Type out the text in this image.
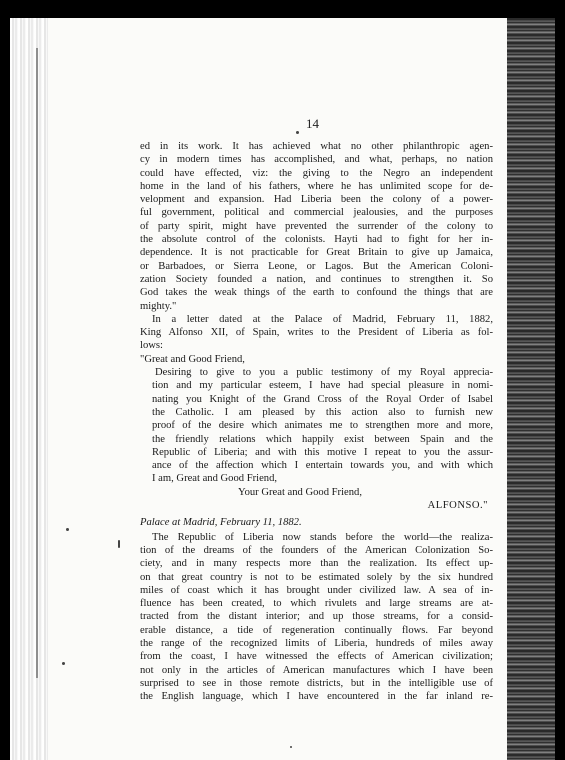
14
ed in its work. It has achieved what no other philanthropic agen-
cy in modern times has accomplished, and what, perhaps, no nation
could have effected, viz: the giving to the Negro an independent
home in the land of his fathers, where he has unlimited scope for de-
velopment and expansion. Had Liberia been the colony of a power-
ful government, political and commercial jealousies, and the purposes
of party spirit, might have prevented the surrender of the colony to
the absolute control of the colonists. Hayti had to fight for her in-
dependence. It is not practicable for Great Britain to give up Jamaica,
or Barbadoes, or Sierra Leone, or Lagos. But the American Coloni-
zation Society founded a nation, and continues to strengthen it. So
God takes the weak things of the earth to confound the things that are
mighty."
In a letter dated at the Palace of Madrid, February 11, 1882,
King Alfonso XII, of Spain, writes to the President of Liberia as fol-
lows:
"Great and Good Friend,
Desiring to give to you a public testimony of my Royal apprecia-
tion and my particular esteem, I have had special pleasure in nomi-
nating you Knight of the Grand Cross of the Royal Order of Isabel
the Catholic. I am pleased by this action also to furnish new
proof of the desire which animates me to strengthen more and more,
the friendly relations which happily exist between Spain and the
Republic of Liberia; and with this motive I repeat to you the assur-
ance of the affection which I entertain towards you, and with which
I am, Great and Good Friend,
Your Great and Good Friend,
ALFONSO."
Palace at Madrid, February 11, 1882.
The Republic of Liberia now stands before the world—the realiza-
tion of the dreams of the founders of the American Colonization So-
ciety, and in many respects more than the realization. Its effect up-
on that great country is not to be estimated solely by the six hundred
miles of coast which it has brought under civilized law. A sea of in-
fluence has been created, to which rivulets and large streams are at-
tracted from the distant interior; and up those streams, for a consid-
erable distance, a tide of regeneration continually flows. Far beyond
the range of the recognized limits of Liberia, hundreds of miles away
from the coast, I have witnessed the effects of American civilization;
not only in the articles of American manufactures which I have been
surprised to see in those remote districts, but in the intelligible use of
the English language, which I have encountered in the far inland re-
